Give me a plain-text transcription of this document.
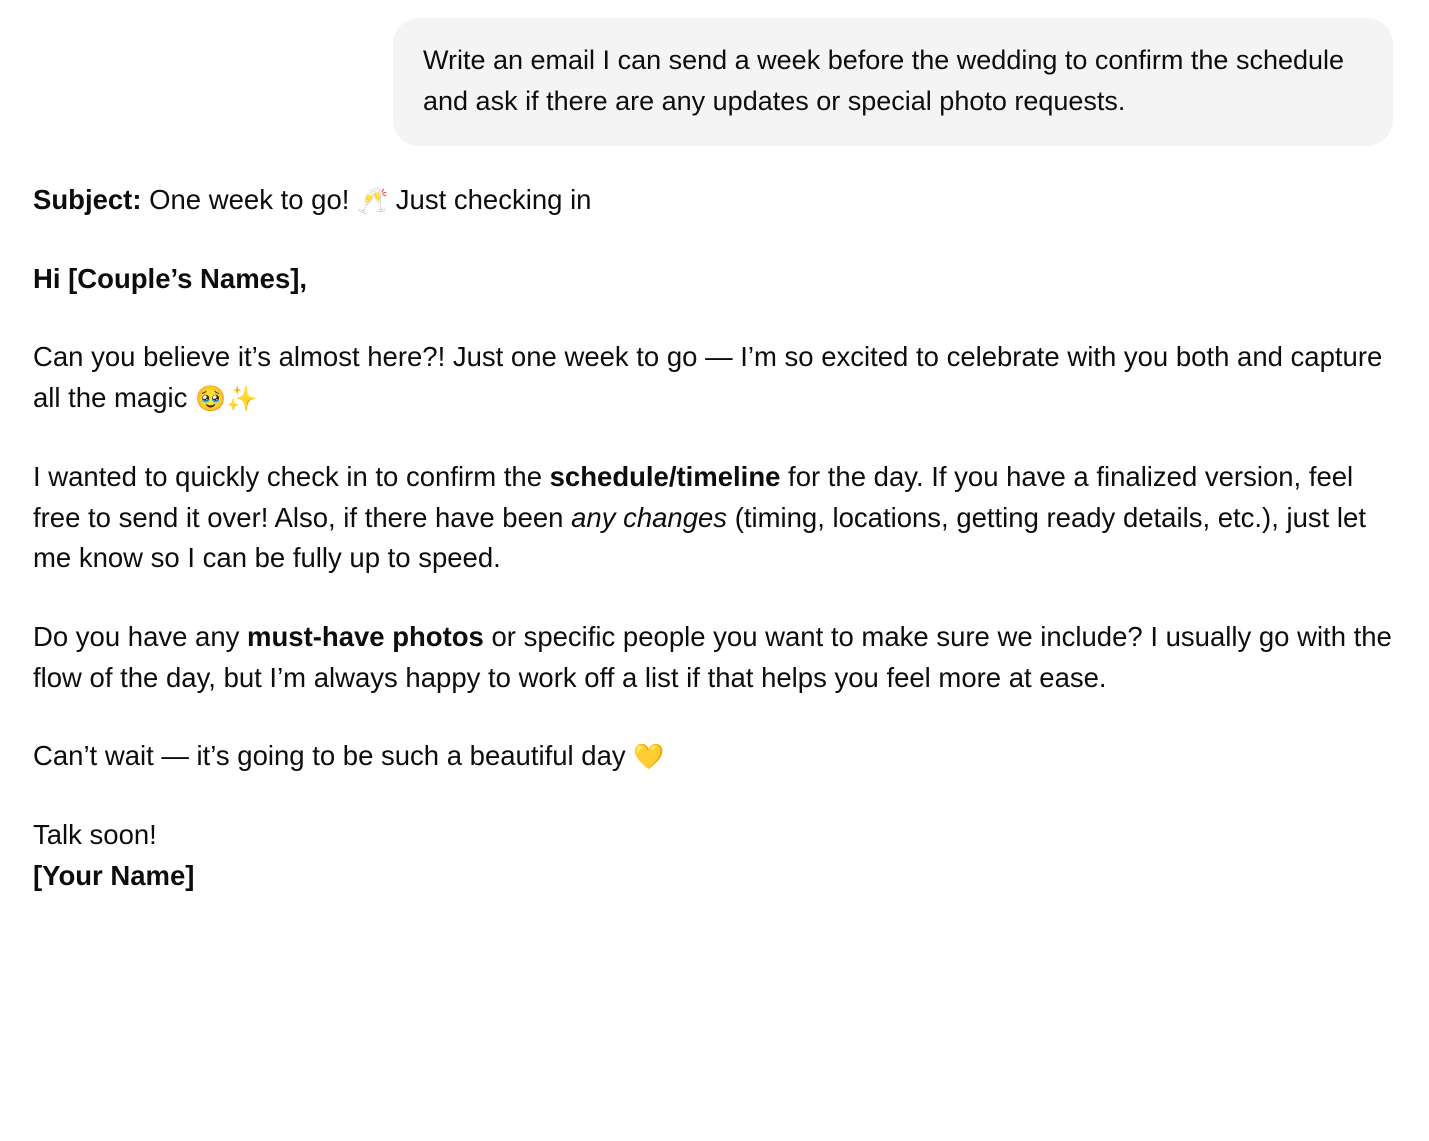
Write an email I can send a week before the wedding to confirm the schedule and ask if there are any updates or special photo requests.

Subject: One week to go! 🥂 Just checking in

Hi [Couple’s Names],

Can you believe it’s almost here?! Just one week to go — I’m so excited to celebrate with you both and capture all the magic 🥹✨

I wanted to quickly check in to confirm the schedule/timeline for the day. If you have a finalized version, feel free to send it over! Also, if there have been any changes (timing, locations, getting ready details, etc.), just let me know so I can be fully up to speed.

Do you have any must-have photos or specific people you want to make sure we include? I usually go with the flow of the day, but I’m always happy to work off a list if that helps you feel more at ease.

Can’t wait — it’s going to be such a beautiful day 💛

Talk soon!
[Your Name]
